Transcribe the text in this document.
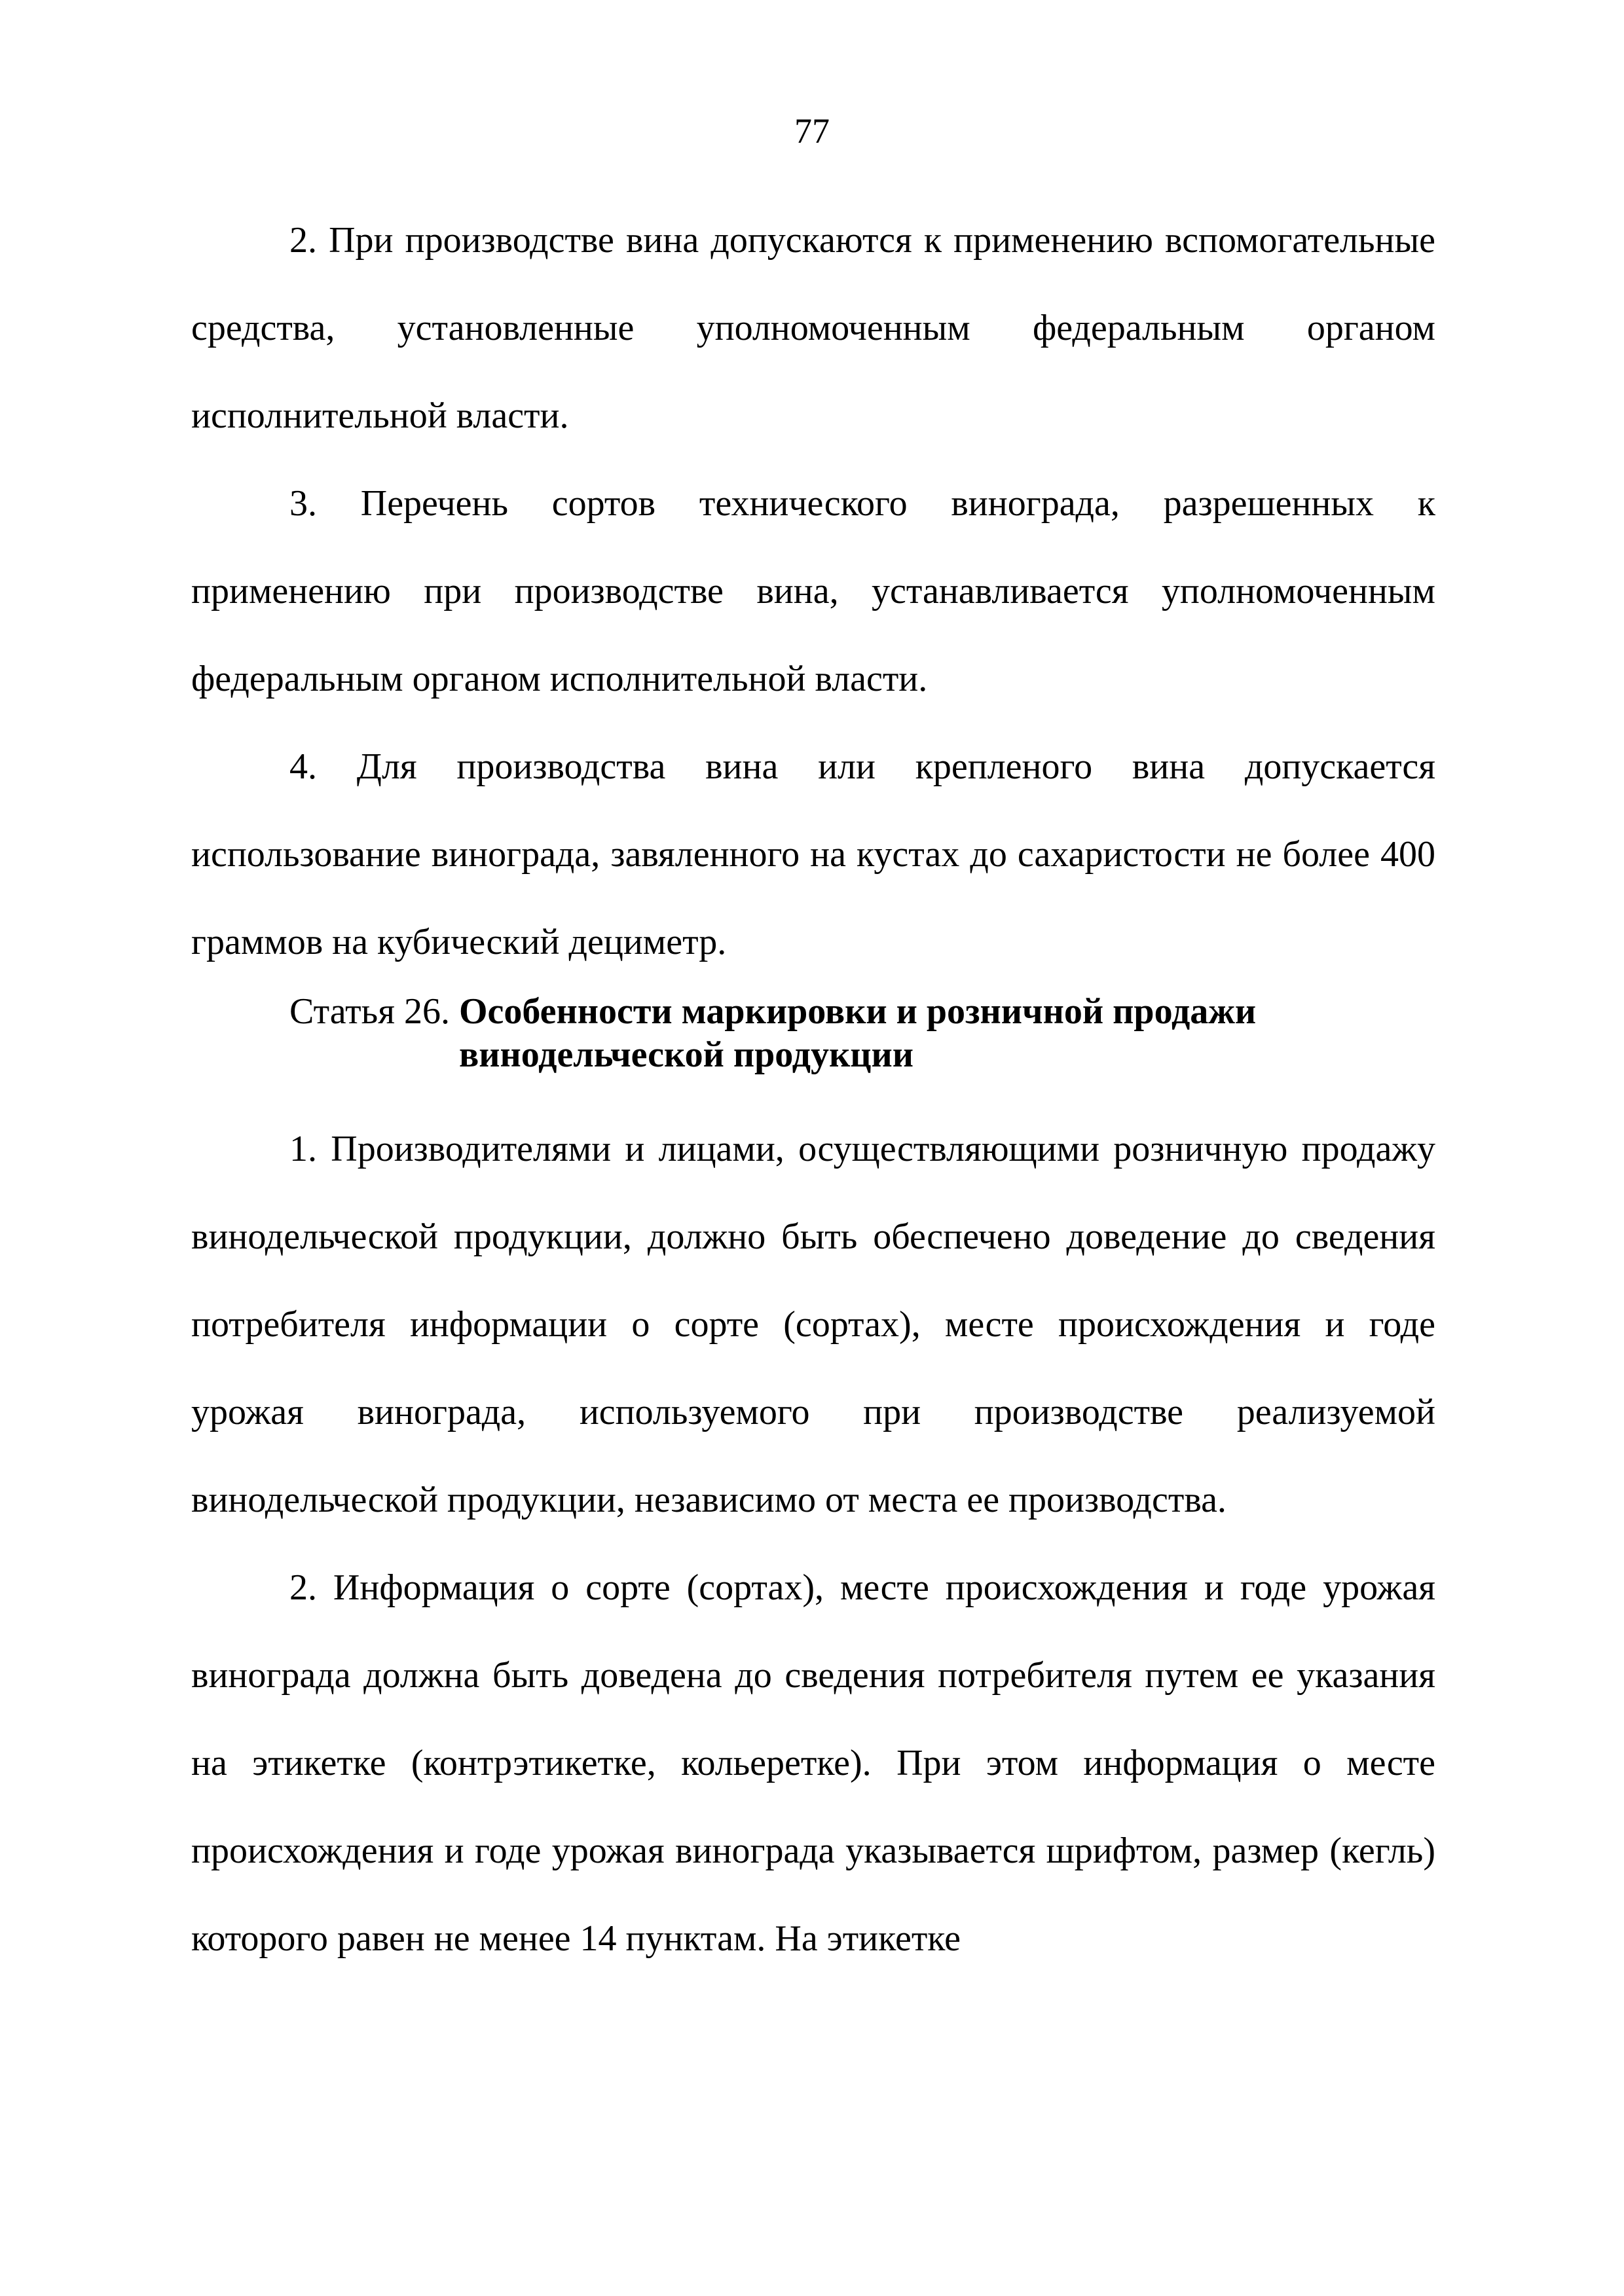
77

2. При производстве вина допускаются к применению вспомогательные средства, установленные уполномоченным федеральным органом исполнительной власти.

3. Перечень сортов технического винограда, разрешенных к применению при производстве вина, устанавливается уполномоченным федеральным органом исполнительной власти.

4. Для производства вина или крепленого вина допускается использование винограда, завяленного на кустах до сахаристости не более 400 граммов на кубический дециметр.

Статья 26. Особенности маркировки и розничной продажи винодельческой продукции

1. Производителями и лицами, осуществляющими розничную продажу винодельческой продукции, должно быть обеспечено доведение до сведения потребителя информации о сорте (сортах), месте происхождения и годе урожая винограда, используемого при производстве реализуемой винодельческой продукции, независимо от места ее производства.

2. Информация о сорте (сортах), месте происхождения и годе урожая винограда должна быть доведена до сведения потребителя путем ее указания на этикетке (контрэтикетке, кольеретке). При этом информация о месте происхождения и годе урожая винограда указывается шрифтом, размер (кегль) которого равен не менее 14 пунктам. На этикетке
